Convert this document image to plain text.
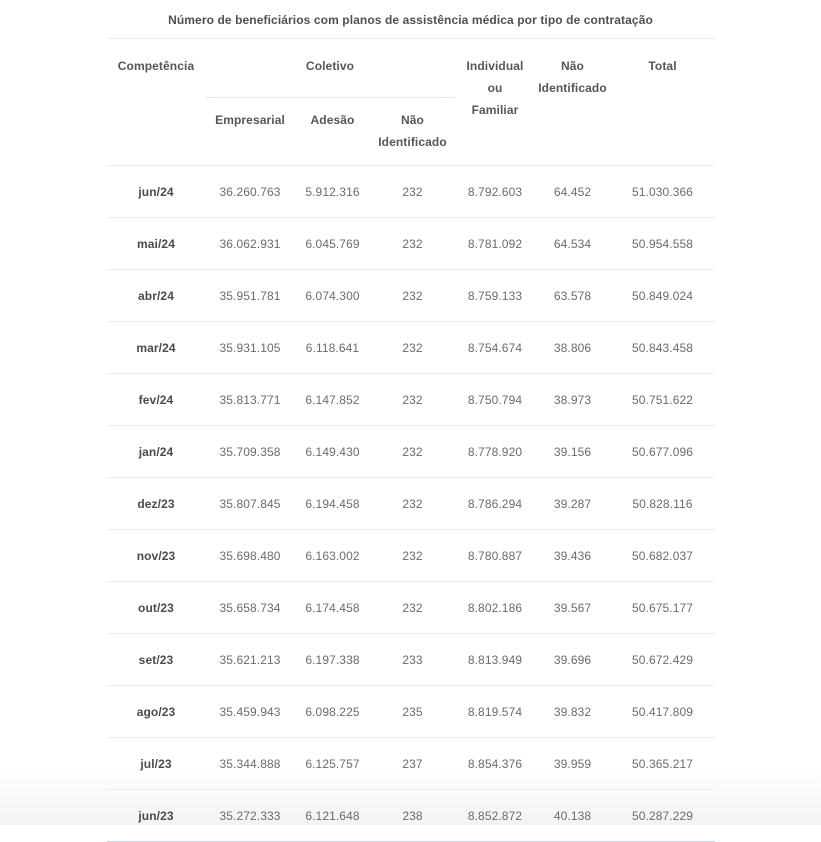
Número de beneficiários com planos de assistência médica por tipo de contratação
Competência	Coletivo			Individual ou Familiar	Não Identificado	Total
	Empresarial	Adesão	Não Identificado			
jun/24	36.260.763	5.912.316	232	8.792.603	64.452	51.030.366
mai/24	36.062.931	6.045.769	232	8.781.092	64.534	50.954.558
abr/24	35.951.781	6.074.300	232	8.759.133	63.578	50.849.024
mar/24	35.931.105	6.118.641	232	8.754.674	38.806	50.843.458
fev/24	35.813.771	6.147.852	232	8.750.794	38.973	50.751.622
jan/24	35.709.358	6.149.430	232	8.778.920	39.156	50.677.096
dez/23	35.807.845	6.194.458	232	8.786.294	39.287	50.828.116
nov/23	35.698.480	6.163.002	232	8.780.887	39.436	50.682.037
out/23	35.658.734	6.174.458	232	8.802.186	39.567	50.675.177
set/23	35.621.213	6.197.338	233	8.813.949	39.696	50.672.429
ago/23	35.459.943	6.098.225	235	8.819.574	39.832	50.417.809
jul/23	35.344.888	6.125.757	237	8.854.376	39.959	50.365.217
jun/23	35.272.333	6.121.648	238	8.852.872	40.138	50.287.229
